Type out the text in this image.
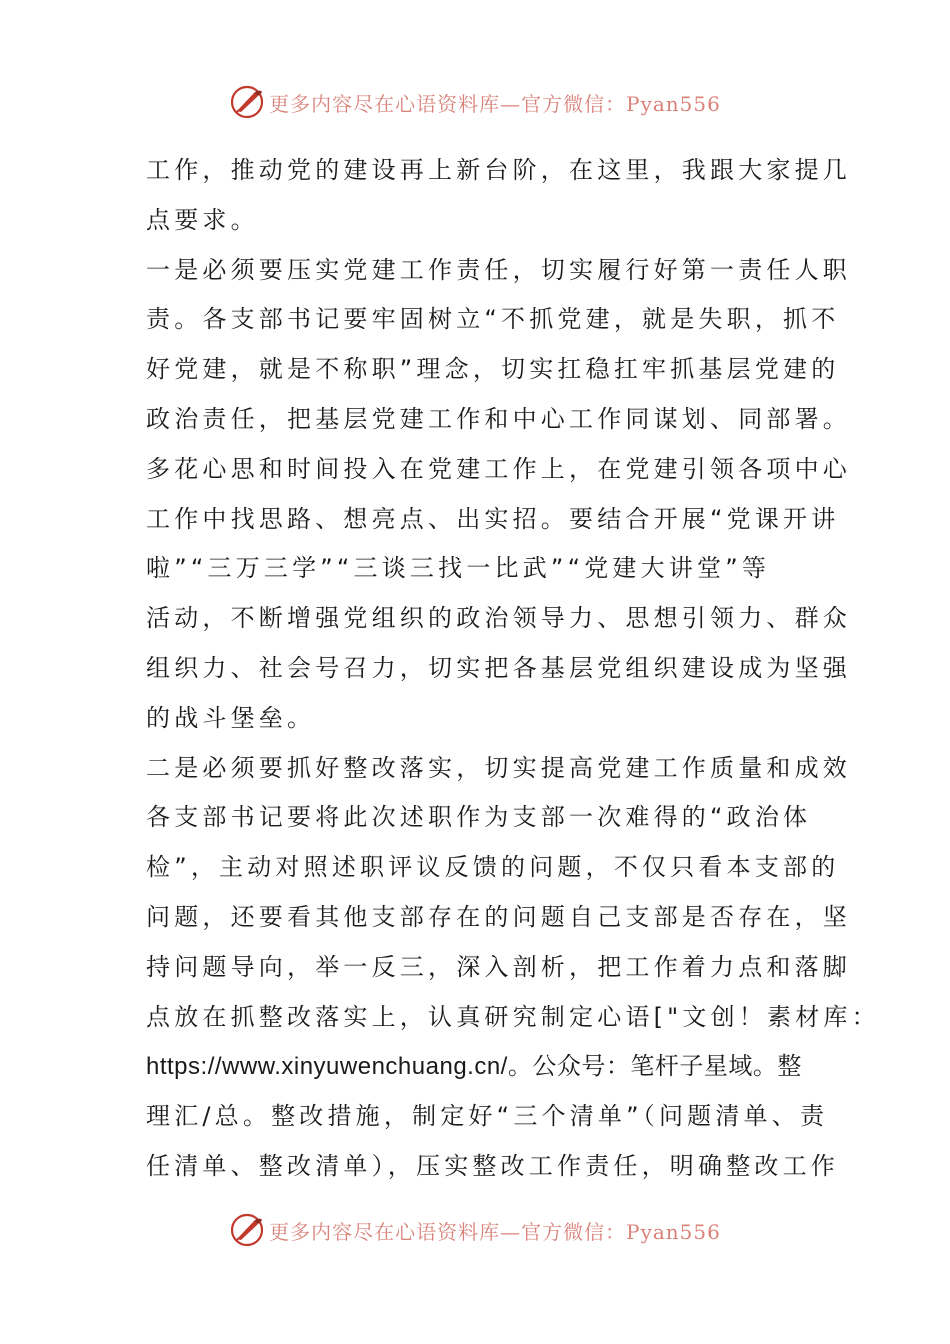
更多内容尽在心语资料库—官方微信：Pyan556
工作，推动党的建设再上新台阶，在这里，我跟大家提几
点要求。
一是必须要压实党建工作责任，切实履行好第一责任人职
责。各支部书记要牢固树立“不抓党建，就是失职，抓不
好党建，就是不称职”理念，切实扛稳扛牢抓基层党建的
政治责任，把基层党建工作和中心工作同谋划、同部署。
多花心思和时间投入在党建工作上，在党建引领各项中心
工作中找思路、想亮点、出实招。要结合开展“党课开讲
啦”“三万三学”“三谈三找一比武”“党建大讲堂”等
活动，不断增强党组织的政治领导力、思想引领力、群众
组织力、社会号召力，切实把各基层党组织建设成为坚强
的战斗堡垒。
二是必须要抓好整改落实，切实提高党建工作质量和成效
各支部书记要将此次述职作为支部一次难得的“政治体
检”，主动对照述职评议反馈的问题，不仅只看本支部的
问题，还要看其他支部存在的问题自己支部是否存在，坚
持问题导向，举一反三，深入剖析，把工作着力点和落脚
点放在抓整改落实上，认真研究制定心语["文创！素材库：
https://www.xinyuwenchuang.cn/。公众号：笔杆子星域。整
理汇/总。整改措施，制定好“三个清单”（问题清单、责
任清单、整改清单），压实整改工作责任，明确整改工作
更多内容尽在心语资料库—官方微信：Pyan556
